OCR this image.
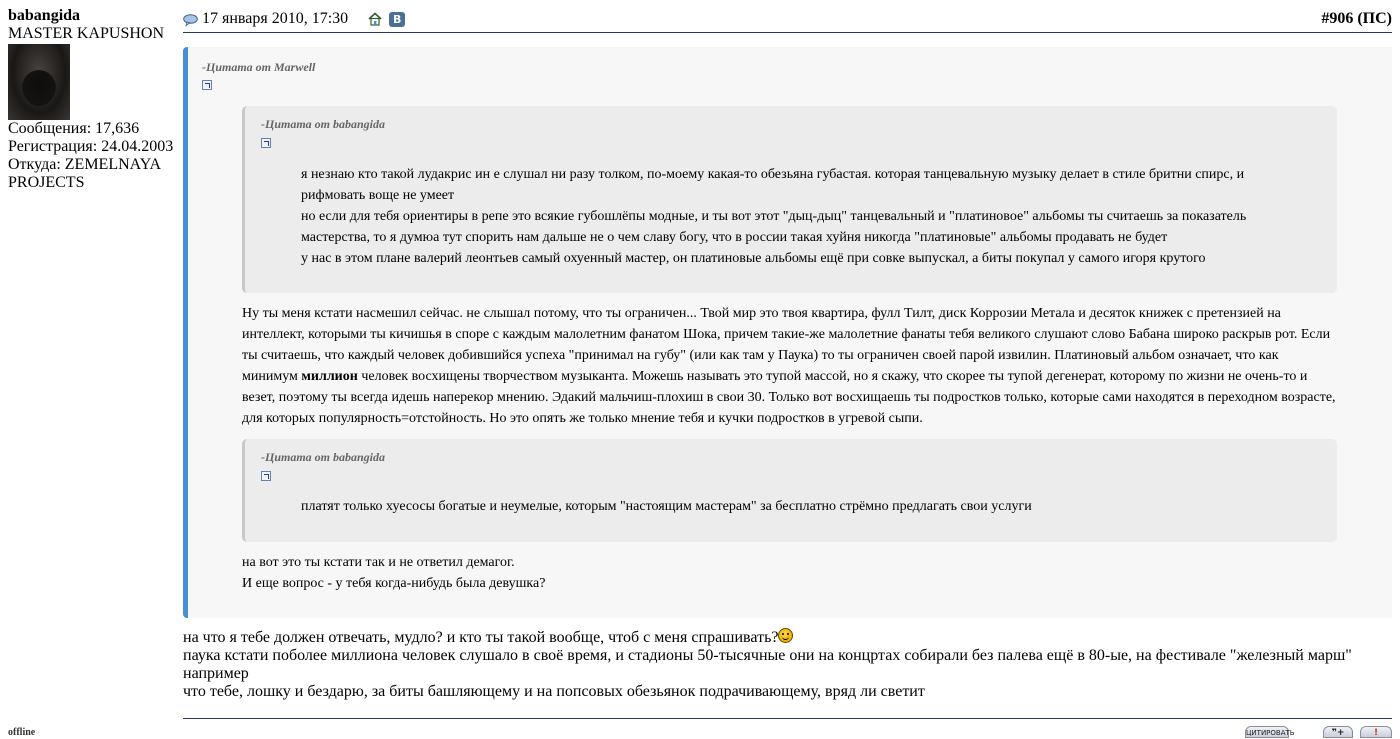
babangida
MASTER KAPUSHON
Сообщения: 17,636
Регистрация: 24.04.2003
Откуда: ZEMELNAYA
PROJECTS
offline
17 января 2010, 17:30	B	#906 (ПС)
-Цитата от Marwell
-Цитата от babangida
я незнаю кто такой лудакрис ин е слушал ни разу толком, по-моему какая-то обезьяна губастая. которая танцевальную музыку делает в стиле бритни спирс, и
рифмовать воще не умеет
но если для тебя ориентиры в репе это всякие губошлёпы модные, и ты вот этот "дыц-дыц" танцевальный и "платиновое" альбомы ты считаешь за показатель
мастерства, то я думюа тут спорить нам дальше не о чем славу богу, что в россии такая хуйня никогда "платиновые" альбомы продавать не будет
у нас в этом плане валерий леонтьев самый охуенный мастер, он платиновые альбомы ещё при совке выпускал, а биты покупал у самого игоря крутого
Ну ты меня кстати насмешил сейчас. не слышал потому, что ты ограничен... Твой мир это твоя квартира, фулл Тилт, диск Коррозии Метала и десяток книжек с претензией на
интеллект, которыми ты кичишья в споре с каждым малолетним фанатом Шока, причем такие-же малолетние фанаты тебя великого слушают слово Бабана широко раскрыв рот. Если
ты считаешь, что каждый человек добившийся успеха "принимал на губу" (или как там у Паука) то ты ограничен своей парой извилин. Платиновый альбом означает, что как
минимум миллион человек восхищены творчеством музыканта. Можешь называть это тупой массой, но я скажу, что скорее ты тупой дегенерат, которому по жизни не очень-то и
везет, поэтому ты всегда идешь наперекор мнению. Эдакий мальчиш-плохиш в свои 30. Только вот восхищаешь ты подростков только, которые сами находятся в переходном возрасте,
для которых популярность=отстойность. Но это опять же только мнение тебя и кучки подростков в угревой сыпи.
-Цитата от babangida
платят только хуесосы богатые и неумелые, которым "настоящим мастерам" за бесплатно стрёмно предлагать свои услуги
на вот это ты кстати так и не ответил демагог.
И еще вопрос - у тебя когда-нибудь была девушка?
на что я тебе должен отвечать, мудло? и кто ты такой вообще, чтоб с меня спрашивать?
паука кстати поболее миллиона человек слушало в своё время, и стадионы 50-тысячные они на концртах собирали без палева ещё в 80-ые, на фестивале "железный марш"
например
что тебе, лошку и бездарю, за биты башляющему и на попсовых обезьянок подрачивающему, вряд ли светит
ЦИТИРОВАТЬ	❞+	!
